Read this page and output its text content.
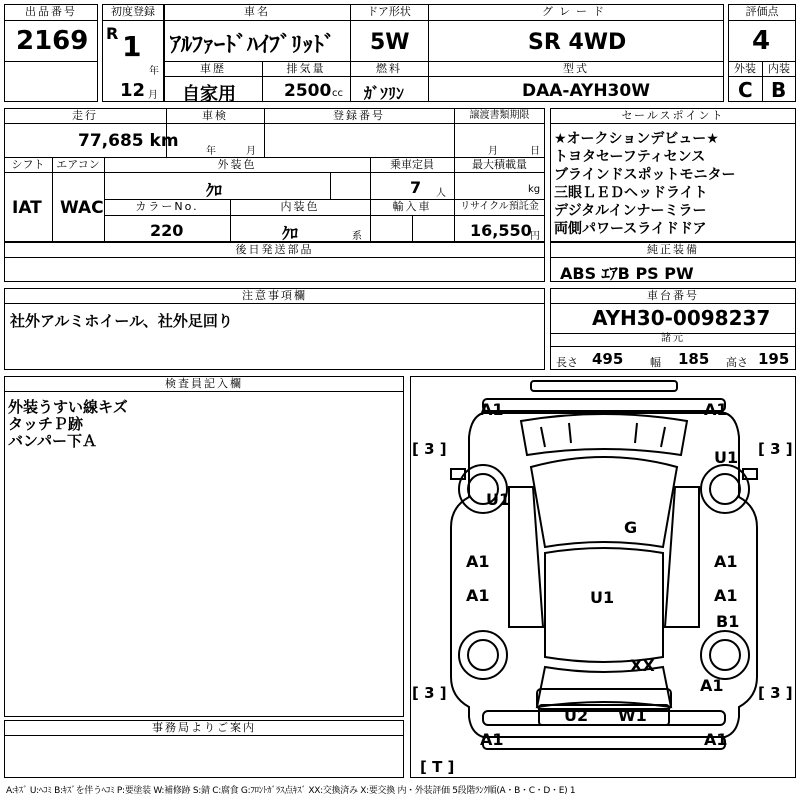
出品番号
2169
初度登録
R 1
年
12 月
車名
ｱﾙﾌｧｰﾄﾞﾊｲﾌﾞﾘｯﾄﾞ
ドア形状
5W
グレード
SR 4WD
車歴
自家用
排気量
2500 cc
燃料
ｶﾞｿﾘﾝ
型式
DAA-AYH30W
評価点
4
外装	内装
C B
走行
77,685 km
車検
年	月
登録番号	譲渡書類期限
月	日
シフト
IAT
エアコン
WAC
外装色
ｸﾛ
乗車定員
7 人
最大積載量
kg
カラーNo.
220
内装色
ｸﾛ	系
輸入車	リサイクル預託金
16,550
円
後日発送部品
セールスポイント
★オークションデビュー★
トヨタセーフティセンス
ブラインドスポットモニター
三眼ＬＥＤヘッドライト
デジタルインナーミラー
両側パワースライドドア
純正装備
ABS ｴｱB PS PW
注意事項欄
社外アルミホイール、社外足回り
車台番号
AYH30-0098237
諸元
長さ 495 幅 185 高さ 195
検査員記入欄
外装うすい線キズ
タッチＰ跡
バンパー下Ａ
事務局よりご案内
A1	A1
[ 3 ]	[ 3 ]
U1
U1
G
A1	A1
A1	A1
U1
B1
XX
[ 3 ]	A1 [ 3 ]
U2 W1
A1	A1
[ T ]
A:ｷｽﾞ U:ﾍｺﾐ B:ｷｽﾞを伴うﾍｺﾐ P:要塗装 W:補修跡 S:錆 C:腐食 G:ﾌﾛﾝﾄｶﾞﾗｽ点ｷｽﾞ XX:交換済み X:要交換 内・外装評価 5段階ﾗﾝｸ順(A・B・C・D・E) 1
